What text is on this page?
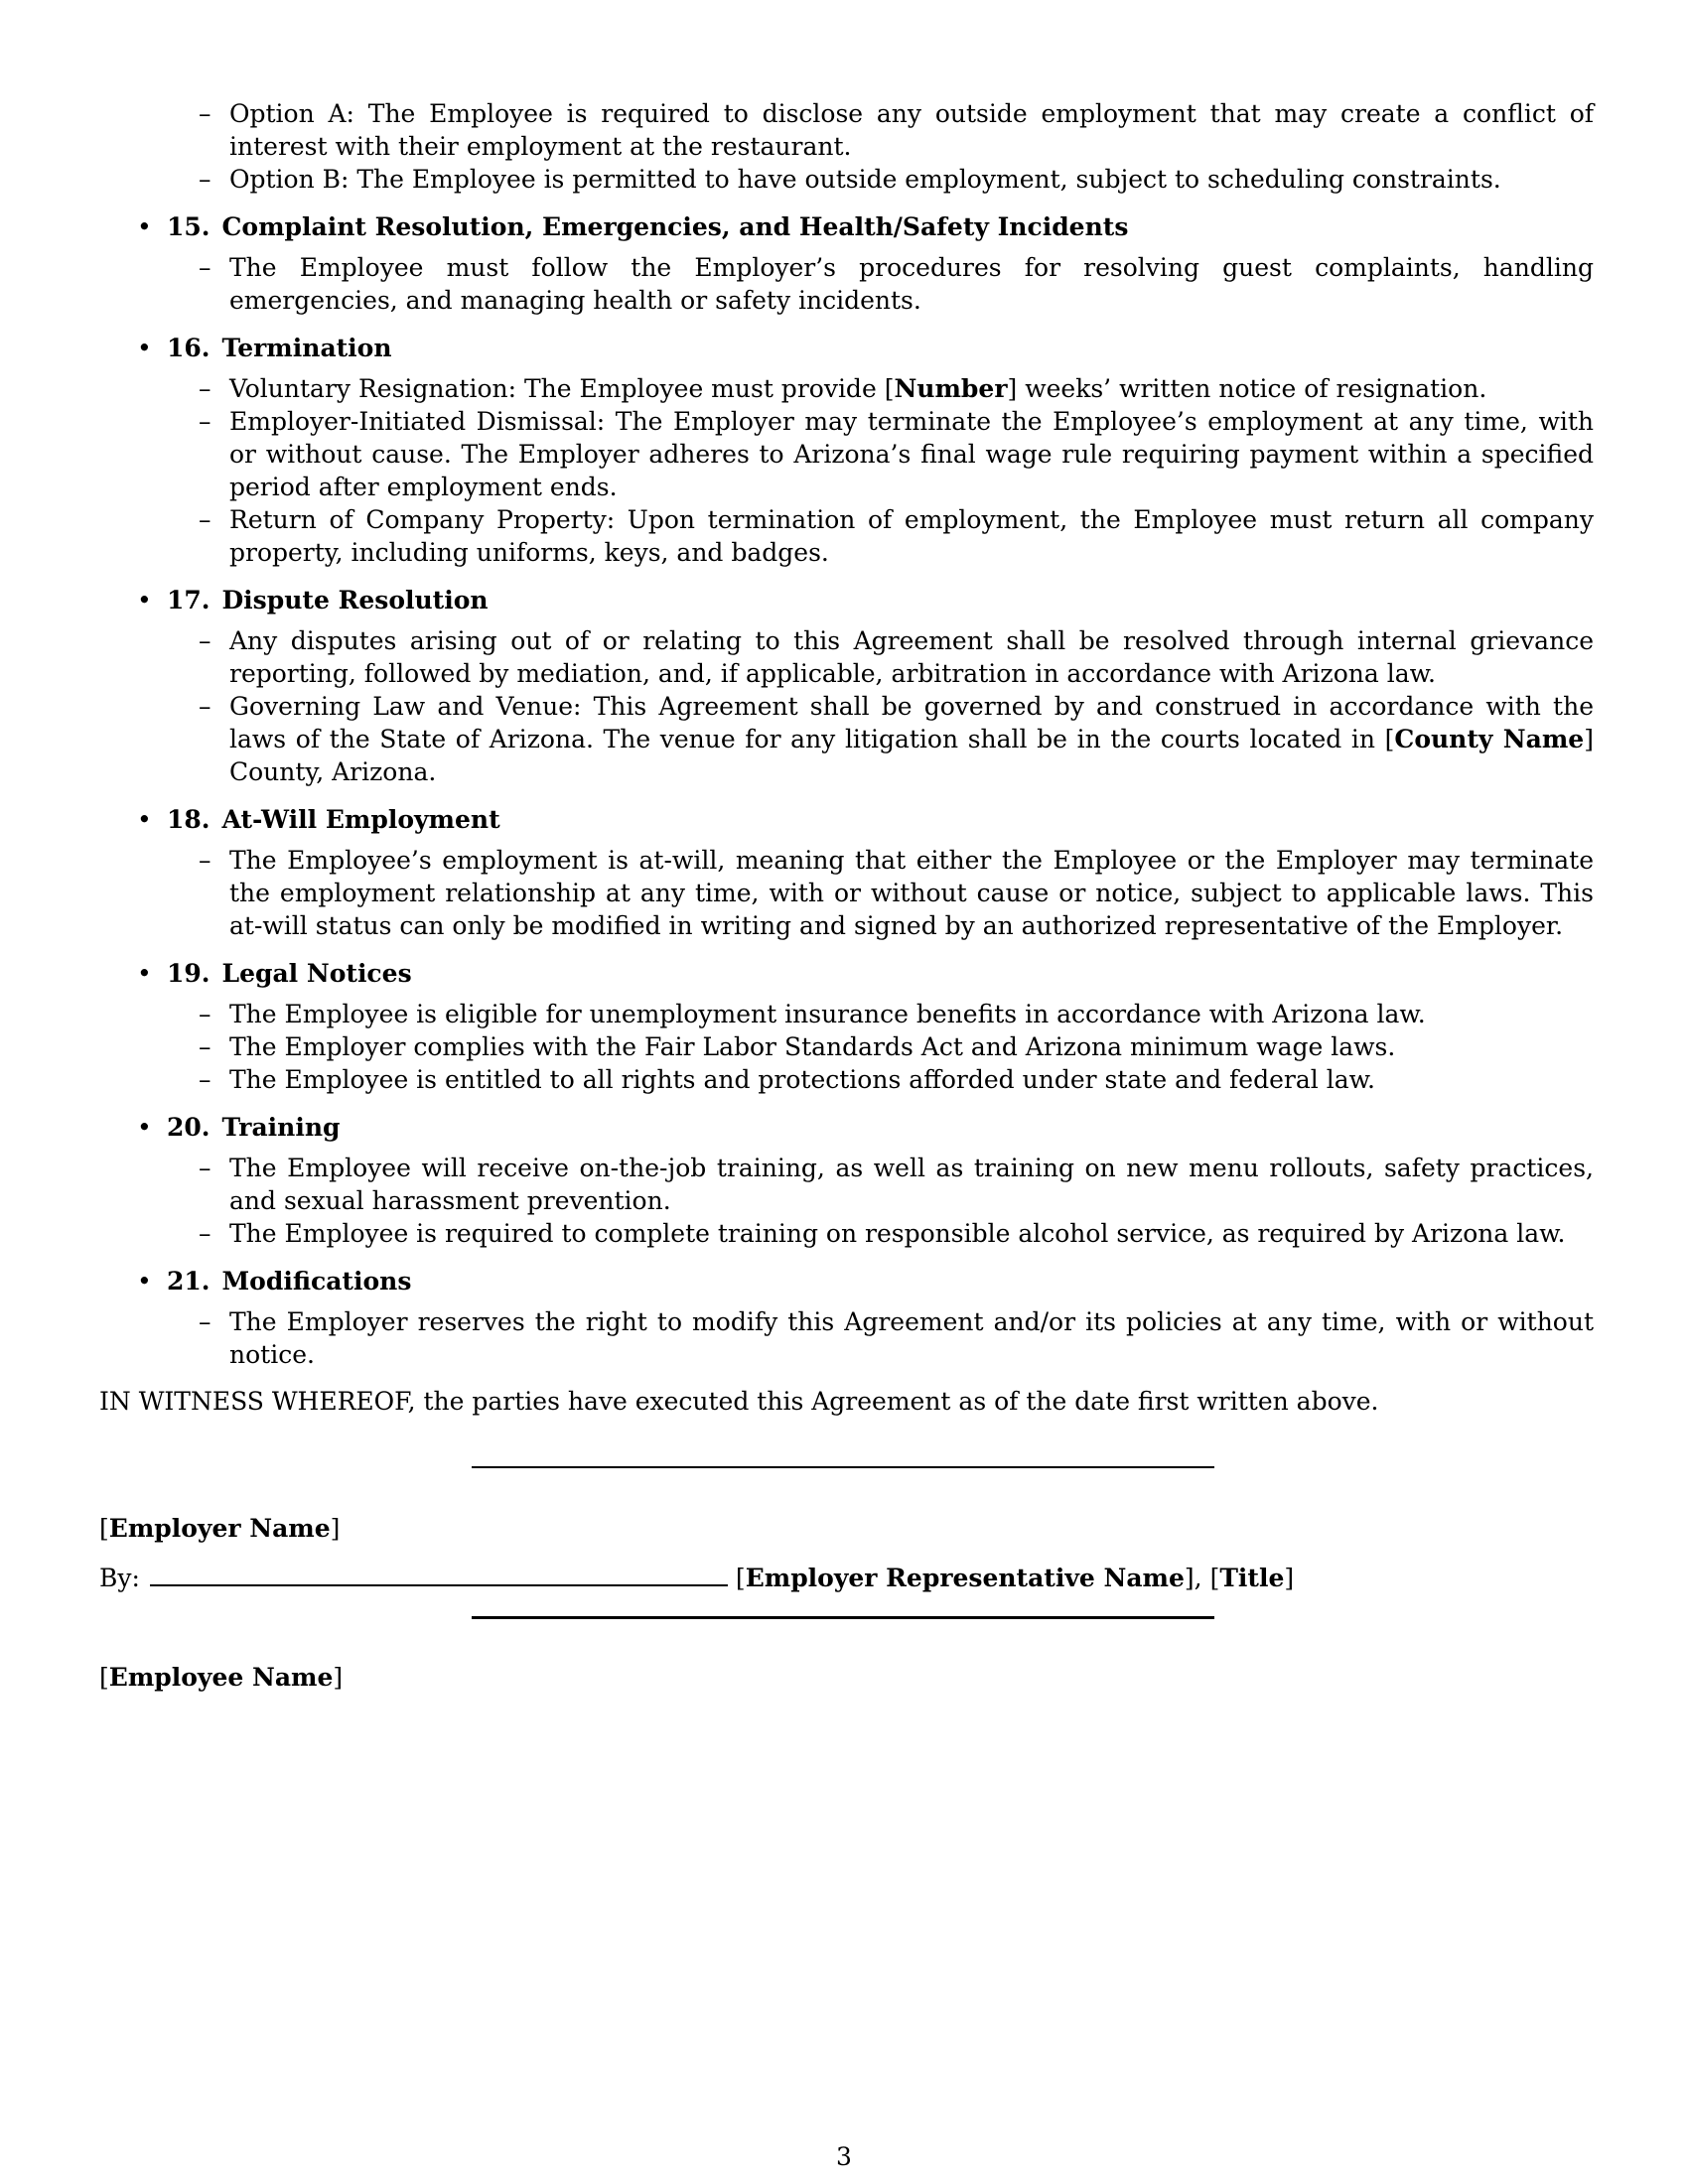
– Option A: The Employee is required to disclose any outside employment that may create a conflict of interest with their employment at the restaurant.
– Option B: The Employee is permitted to have outside employment, subject to scheduling constraints.

• 15. Complaint Resolution, Emergencies, and Health/Safety Incidents

– The Employee must follow the Employer’s procedures for resolving guest complaints, handling emergencies, and managing health or safety incidents.

• 16. Termination

– Voluntary Resignation: The Employee must provide [Number] weeks’ written notice of resignation.
– Employer-Initiated Dismissal: The Employer may terminate the Employee’s employment at any time, with or without cause. The Employer adheres to Arizona’s final wage rule requiring payment within a specified period after employment ends.
– Return of Company Property: Upon termination of employment, the Employee must return all company property, including uniforms, keys, and badges.

• 17. Dispute Resolution

– Any disputes arising out of or relating to this Agreement shall be resolved through internal grievance reporting, followed by mediation, and, if applicable, arbitration in accordance with Arizona law.
– Governing Law and Venue: This Agreement shall be governed by and construed in accordance with the laws of the State of Arizona. The venue for any litigation shall be in the courts located in [County Name] County, Arizona.

• 18. At-Will Employment

– The Employee’s employment is at-will, meaning that either the Employee or the Employer may terminate the employment relationship at any time, with or without cause or notice, subject to applicable laws. This at-will status can only be modified in writing and signed by an authorized representative of the Employer.

• 19. Legal Notices

– The Employee is eligible for unemployment insurance benefits in accordance with Arizona law.
– The Employer complies with the Fair Labor Standards Act and Arizona minimum wage laws.
– The Employee is entitled to all rights and protections afforded under state and federal law.

• 20. Training

– The Employee will receive on-the-job training, as well as training on new menu rollouts, safety practices, and sexual harassment prevention.
– The Employee is required to complete training on responsible alcohol service, as required by Arizona law.

• 21. Modifications

– The Employer reserves the right to modify this Agreement and/or its policies at any time, with or without notice.

IN WITNESS WHEREOF, the parties have executed this Agreement as of the date first written above.

[Employer Name]
By:	[Employer Representative Name], [Title]
[Employee Name]
3
